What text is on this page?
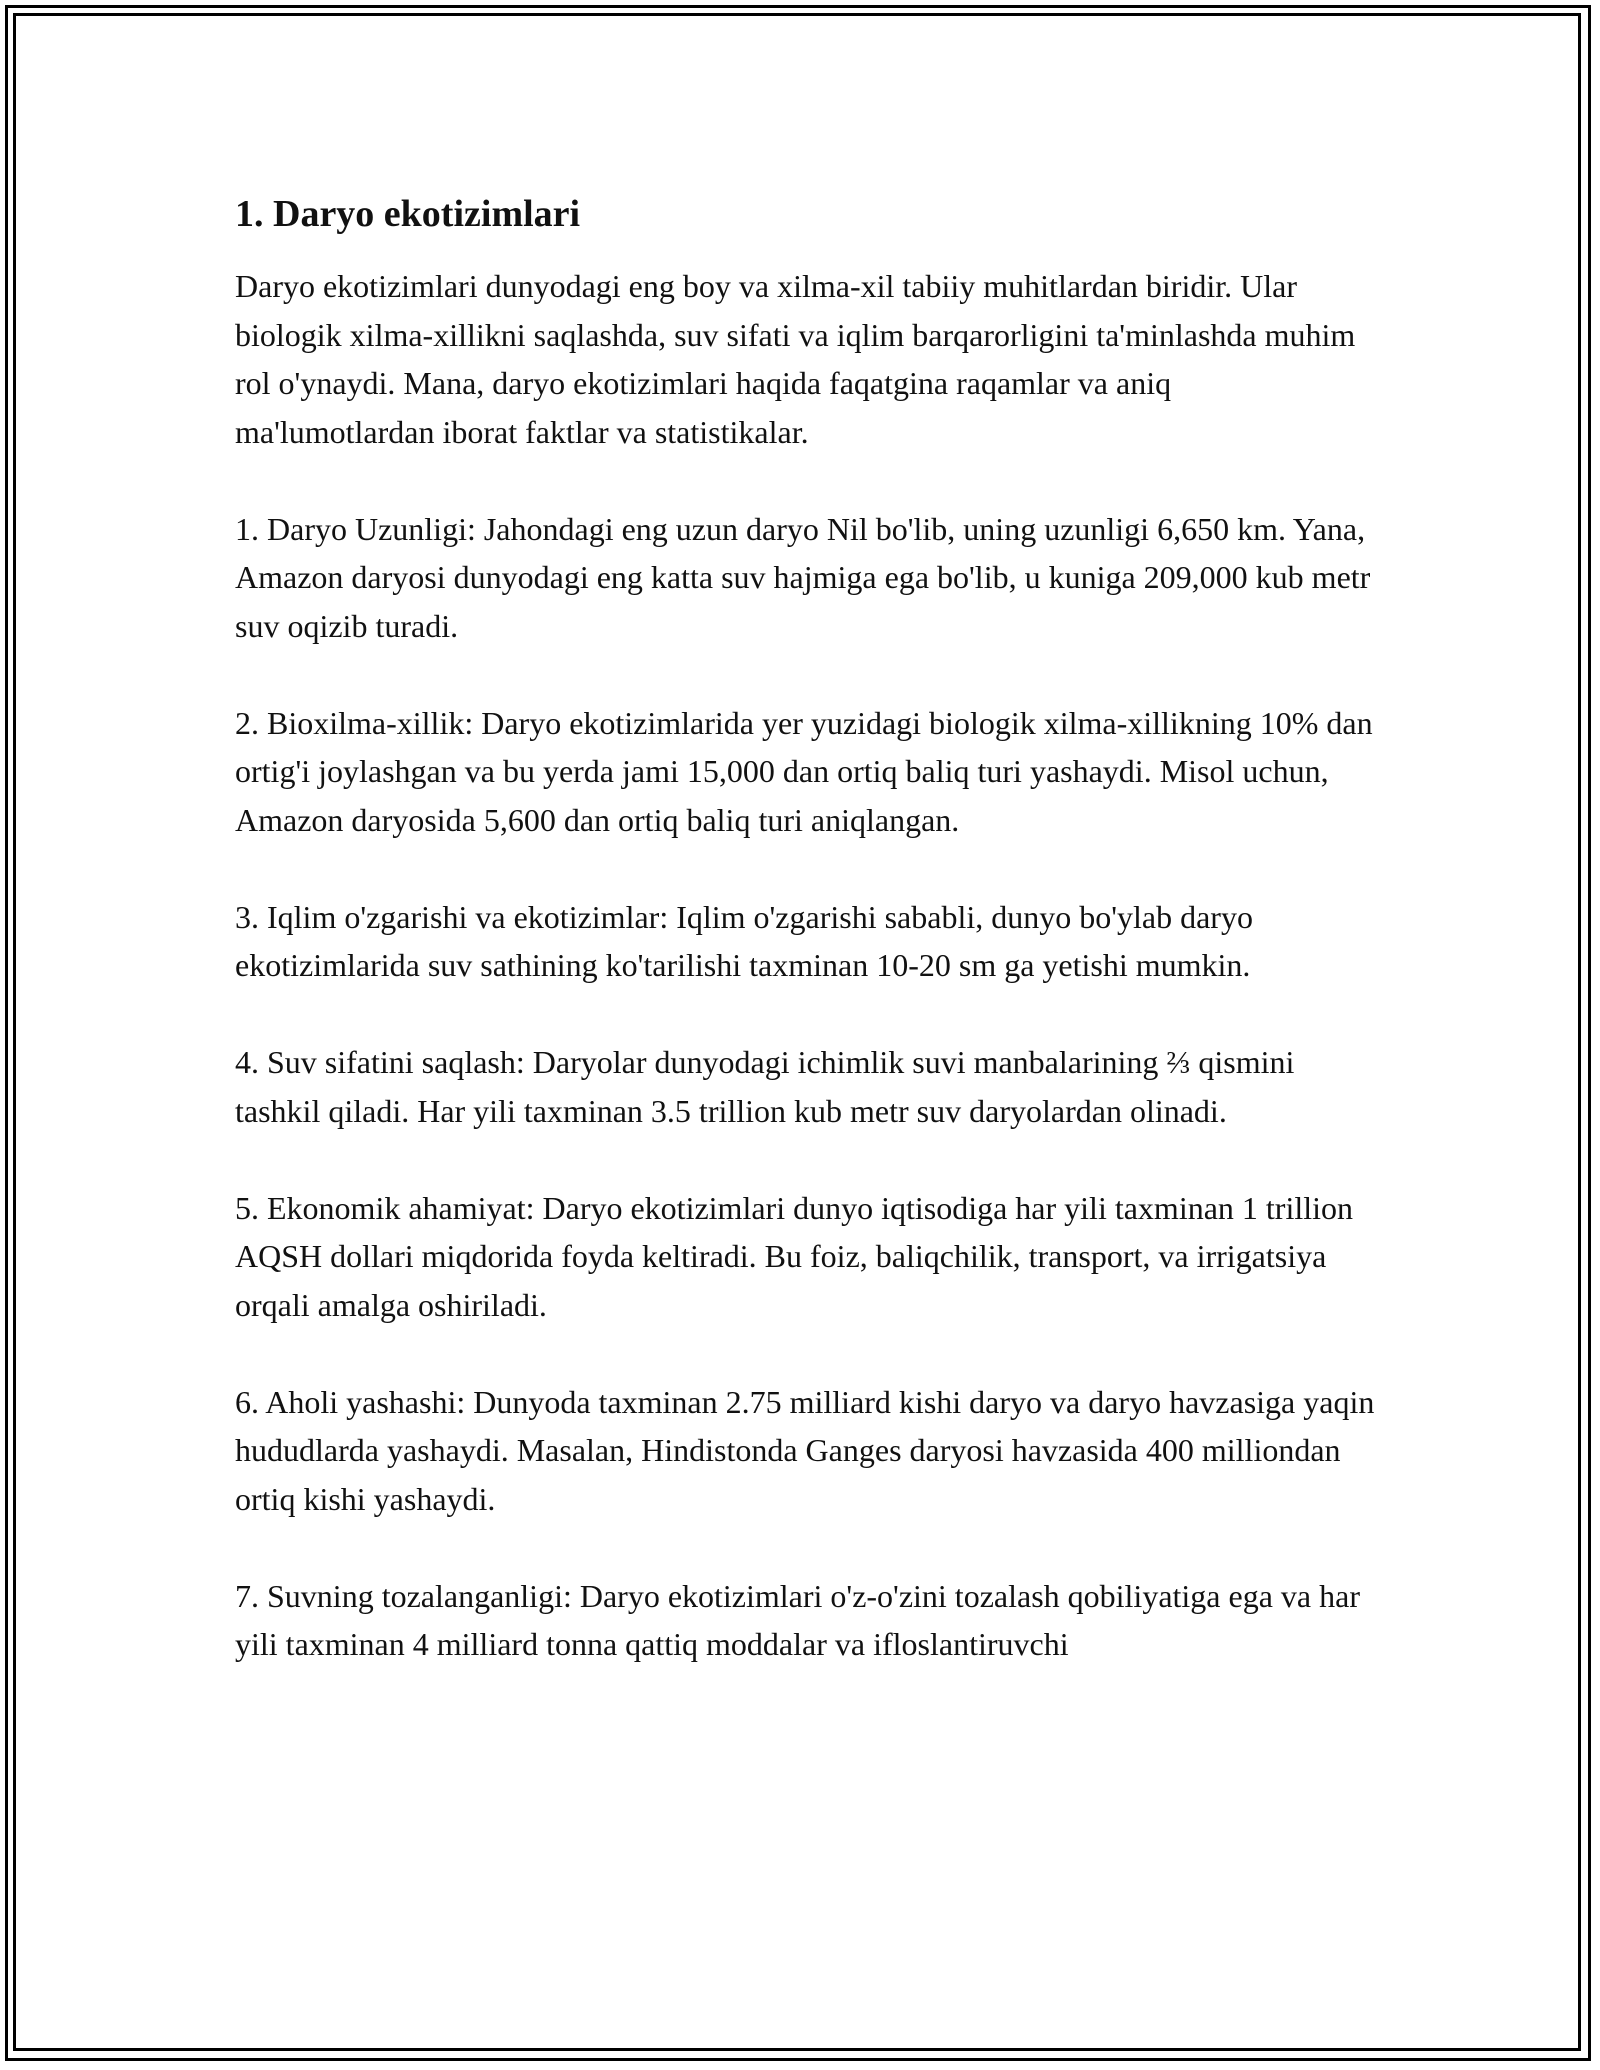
1. Daryo ekotizimlari

Daryo ekotizimlari dunyodagi eng boy va xilma-xil tabiiy muhitlardan biridir. Ular biologik xilma-xillikni saqlashda, suv sifati va iqlim barqarorligini ta'minlashda muhim rol o'ynaydi. Mana, daryo ekotizimlari haqida faqatgina raqamlar va aniq ma'lumotlardan iborat faktlar va statistikalar.

1. Daryo Uzunligi: Jahondagi eng uzun daryo Nil bo'lib, uning uzunligi 6,650 km. Yana, Amazon daryosi dunyodagi eng katta suv hajmiga ega bo'lib, u kuniga 209,000 kub metr suv oqizib turadi.

2. Bioxilma-xillik: Daryo ekotizimlarida yer yuzidagi biologik xilma-xillikning 10% dan ortig'i joylashgan va bu yerda jami 15,000 dan ortiq baliq turi yashaydi. Misol uchun, Amazon daryosida 5,600 dan ortiq baliq turi aniqlangan.

3. Iqlim o'zgarishi va ekotizimlar: Iqlim o'zgarishi sababli, dunyo bo'ylab daryo ekotizimlarida suv sathining ko'tarilishi taxminan 10-20 sm ga yetishi mumkin.

4. Suv sifatini saqlash: Daryolar dunyodagi ichimlik suvi manbalarining ⅔ qismini tashkil qiladi. Har yili taxminan 3.5 trillion kub metr suv daryolardan olinadi.

5. Ekonomik ahamiyat: Daryo ekotizimlari dunyo iqtisodiga har yili taxminan 1 trillion AQSH dollari miqdorida foyda keltiradi. Bu foiz, baliqchilik, transport, va irrigatsiya orqali amalga oshiriladi.

6. Aholi yashashi: Dunyoda taxminan 2.75 milliard kishi daryo va daryo havzasiga yaqin hududlarda yashaydi. Masalan, Hindistonda Ganges daryosi havzasida 400 milliondan ortiq kishi yashaydi.

7. Suvning tozalanganligi: Daryo ekotizimlari o'z-o'zini tozalash qobiliyatiga ega va har yili taxminan 4 milliard tonna qattiq moddalar va ifloslantiruvchi
